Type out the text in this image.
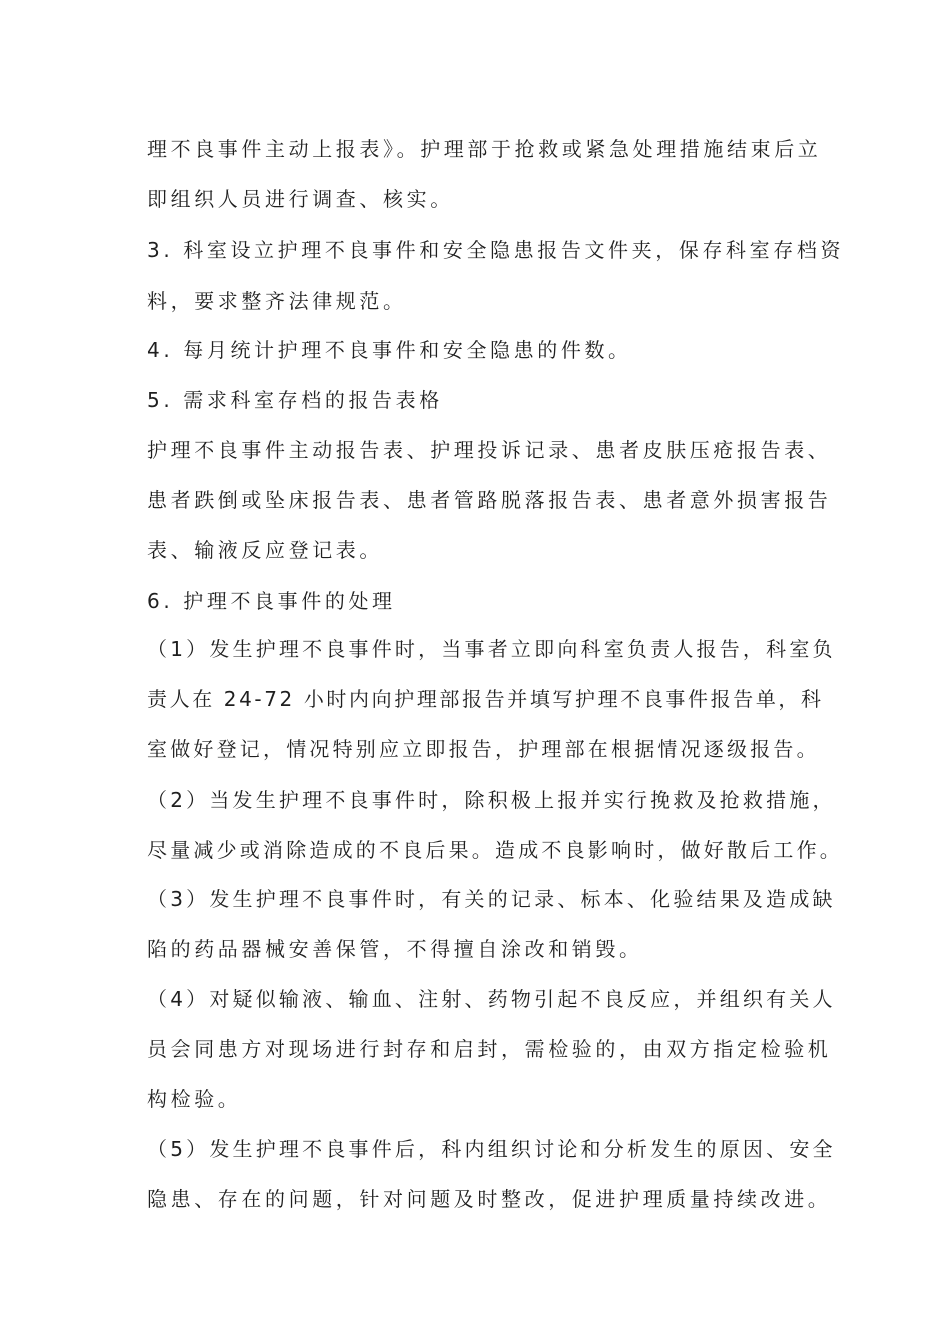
理不良事件主动上报表》。护理部于抢救或紧急处理措施结束后立
即组织人员进行调查、核实。
3. 科室设立护理不良事件和安全隐患报告文件夹，保存科室存档资
料，要求整齐法律规范。
4. 每月统计护理不良事件和安全隐患的件数。
5. 需求科室存档的报告表格
护理不良事件主动报告表、护理投诉记录、患者皮肤压疮报告表、
患者跌倒或坠床报告表、患者管路脱落报告表、患者意外损害报告
表、输液反应登记表。
6. 护理不良事件的处理
（1）发生护理不良事件时，当事者立即向科室负责人报告，科室负
责人在 24-72 小时内向护理部报告并填写护理不良事件报告单，科
室做好登记，情况特别应立即报告，护理部在根据情况逐级报告。
（2）当发生护理不良事件时，除积极上报并实行挽救及抢救措施，
尽量减少或消除造成的不良后果。造成不良影响时，做好散后工作。
（3）发生护理不良事件时，有关的记录、标本、化验结果及造成缺
陷的药品器械安善保管，不得擅自涂改和销毁。
（4）对疑似输液、输血、注射、药物引起不良反应，并组织有关人
员会同患方对现场进行封存和启封，需检验的，由双方指定检验机
构检验。
（5）发生护理不良事件后，科内组织讨论和分析发生的原因、安全
隐患、存在的问题，针对问题及时整改，促进护理质量持续改进。
